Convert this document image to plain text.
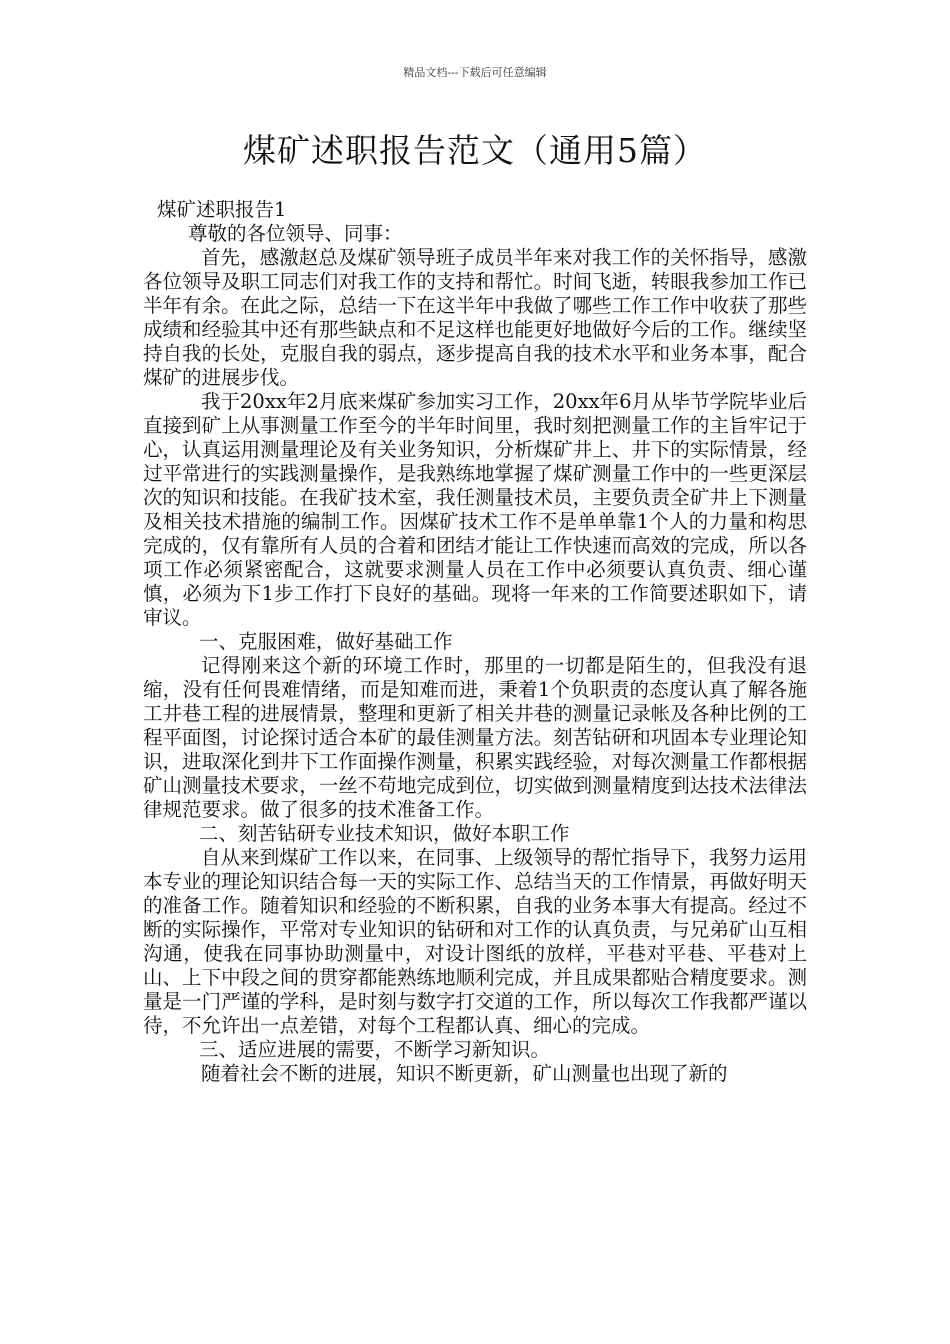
精品文档---下载后可任意编辑
煤矿述职报告范文（通用5篇）

煤矿述职报告1

尊敬的各位领导、同事：

首先，感激赵总及煤矿领导班子成员半年来对我工作的关怀指导，感激各位领导及职工同志们对我工作的支持和帮忙。时间飞逝，转眼我参加工作已半年有余。在此之际，总结一下在这半年中我做了哪些工作工作中收获了那些成绩和经验其中还有那些缺点和不足这样也能更好地做好今后的工作。继续坚持自我的长处，克服自我的弱点，逐步提高自我的技术水平和业务本事，配合煤矿的进展步伐。

我于20xx年2月底来煤矿参加实习工作，20xx年6月从毕节学院毕业后直接到矿上从事测量工作至今的半年时间里，我时刻把测量工作的主旨牢记于心，认真运用测量理论及有关业务知识，分析煤矿井上、井下的实际情景，经过平常进行的实践测量操作，是我熟练地掌握了煤矿测量工作中的一些更深层次的知识和技能。在我矿技术室，我任测量技术员，主要负责全矿井上下测量及相关技术措施的编制工作。因煤矿技术工作不是单单靠1个人的力量和构思完成的，仅有靠所有人员的合着和团结才能让工作快速而高效的完成，所以各项工作必须紧密配合，这就要求测量人员在工作中必须要认真负责、细心谨慎，必须为下1步工作打下良好的基础。现将一年来的工作简要述职如下，请审议。

一、克服困难，做好基础工作

记得刚来这个新的环境工作时，那里的一切都是陌生的，但我没有退缩，没有任何畏难情绪，而是知难而进，秉着1个负职责的态度认真了解各施工井巷工程的进展情景，整理和更新了相关井巷的测量记录帐及各种比例的工程平面图，讨论探讨适合本矿的最佳测量方法。刻苦钻研和巩固本专业理论知识，进取深化到井下工作面操作测量，积累实践经验，对每次测量工作都根据矿山测量技术要求，一丝不苟地完成到位，切实做到测量精度到达技术法律法律规范要求。做了很多的技术准备工作。

二、刻苦钻研专业技术知识，做好本职工作

自从来到煤矿工作以来，在同事、上级领导的帮忙指导下，我努力运用本专业的理论知识结合每一天的实际工作、总结当天的工作情景，再做好明天的准备工作。随着知识和经验的不断积累，自我的业务本事大有提高。经过不断的实际操作，平常对专业知识的钻研和对工作的认真负责，与兄弟矿山互相沟通，使我在同事协助测量中，对设计图纸的放样，平巷对平巷、平巷对上山、上下中段之间的贯穿都能熟练地顺利完成，并且成果都贴合精度要求。测量是一门严谨的学科，是时刻与数字打交道的工作，所以每次工作我都严谨以待，不允许出一点差错，对每个工程都认真、细心的完成。

三、适应进展的需要，不断学习新知识。

随着社会不断的进展，知识不断更新，矿山测量也出现了新的
